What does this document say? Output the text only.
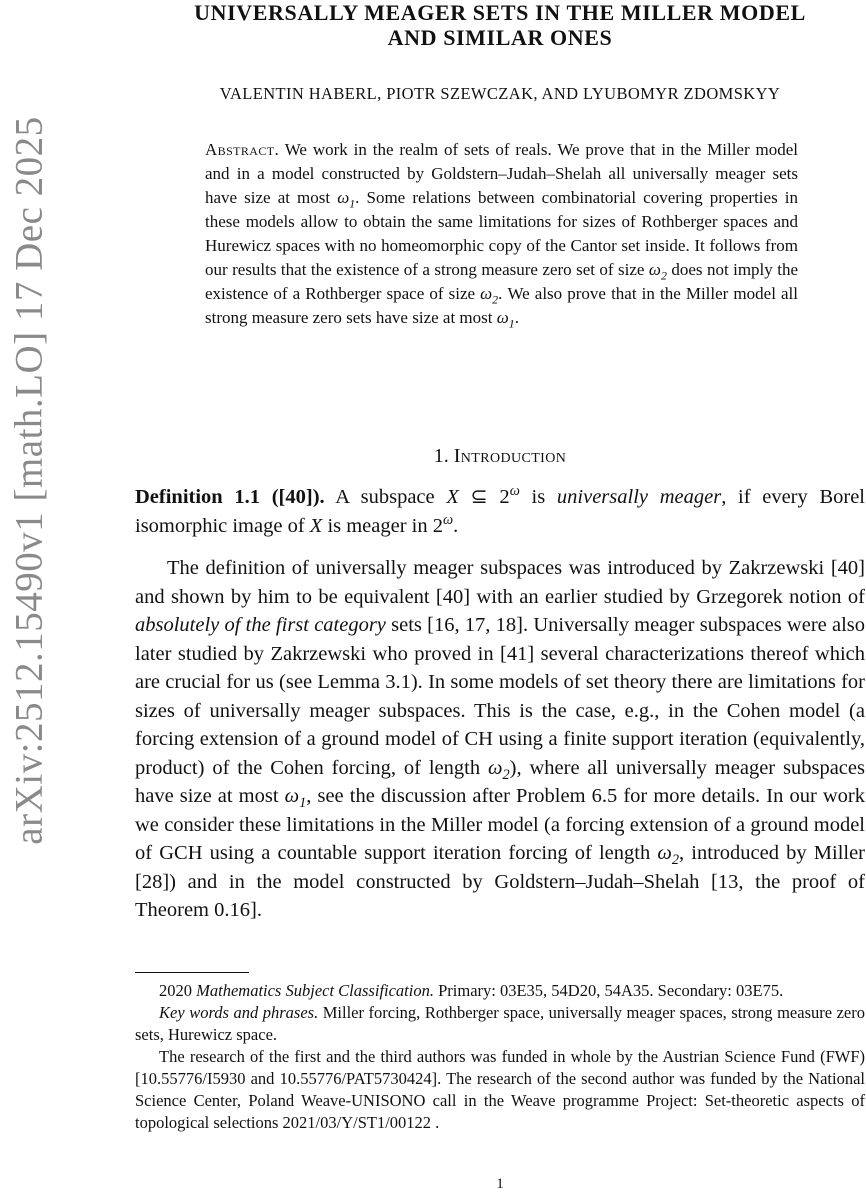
arXiv:2512.15490v1 [math.LO] 17 Dec 2025
UNIVERSALLY MEAGER SETS IN THE MILLER MODEL
AND SIMILAR ONES
VALENTIN HABERL, PIOTR SZEWCZAK, AND LYUBOMYR ZDOMSKYY
Abstract. We work in the realm of sets of reals. We prove that in the Miller model and in a model constructed by Goldstern–Judah–Shelah all universally meager sets have size at most $\omega_1$. Some relations between combinatorial covering properties in these models allow to obtain the same limitations for sizes of Rothberger spaces and Hurewicz spaces with no homeomorphic copy of the Cantor set inside. It follows from our results that the existence of a strong measure zero set of size $\omega_2$ does not imply the existence of a Rothberger space of size $\omega_2$. We also prove that in the Miller model all strong measure zero sets have size at most $\omega_1$.
1. Introduction

Definition 1.1 ([40]). A subspace X ⊆ $2^\omega$ is universally meager, if every Borel isomorphic image of X is meager in $2^\omega$.

The definition of universally meager subspaces was introduced by Zakrzewski [40] and shown by him to be equivalent [40] with an earlier studied by Grzegorek notion of absolutely of the first category sets [16, 17, 18]. Universally meager subspaces were also later studied by Zakrzewski who proved in [41] several characterizations thereof which are crucial for us (see Lemma 3.1). In some models of set theory there are limitations for sizes of universally meager subspaces. This is the case, e.g., in the Cohen model (a forcing extension of a ground model of CH using a finite support iteration (equivalently, product) of the Cohen forcing, of length $\omega_2$), where all universally meager subspaces have size at most $\omega_1$, see the discussion after Problem 6.5 for more details. In our work we consider these limitations in the Miller model (a forcing extension of a ground model of GCH using a countable support iteration forcing of length $\omega_2$, introduced by Miller [28]) and in the model constructed by Goldstern–Judah–Shelah [13, the proof of Theorem 0.16].

2020 Mathematics Subject Classification. Primary: 03E35, 54D20, 54A35. Secondary: 03E75.

Key words and phrases. Miller forcing, Rothberger space, universally meager spaces, strong measure zero sets, Hurewicz space.

The research of the first and the third authors was funded in whole by the Austrian Science Fund (FWF) [10.55776/I5930 and 10.55776/PAT5730424]. The research of the second author was funded by the National Science Center, Poland Weave-UNISONO call in the Weave programme Project: Set-theoretic aspects of topological selections 2021/03/Y/ST1/00122 .

1
